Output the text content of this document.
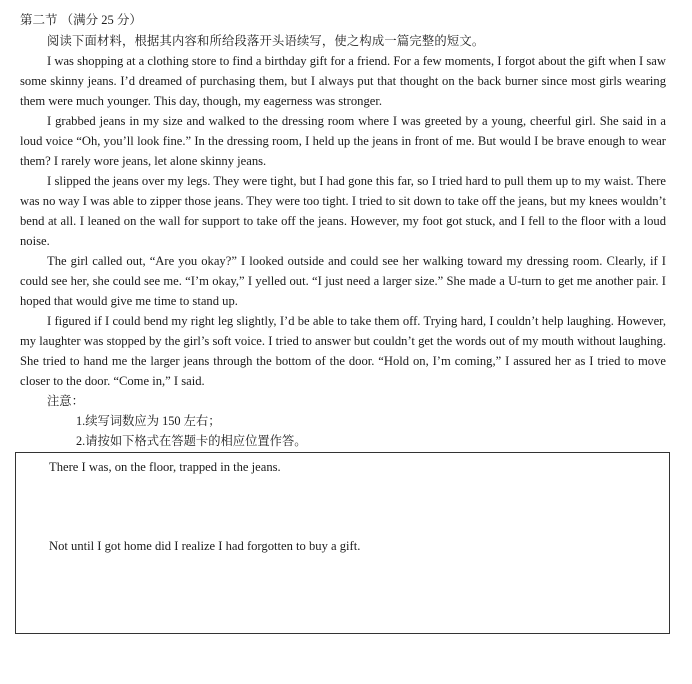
第二节 （满分 25 分）

阅读下面材料，根据其内容和所给段落开头语续写，使之构成一篇完整的短文。

I was shopping at a clothing store to find a birthday gift for a friend. For a few moments, I forgot about the gift when I saw some skinny jeans. I’d dreamed of purchasing them, but I always put that thought on the back burner since most girls wearing them were much younger. This day, though, my eagerness was stronger.

I grabbed jeans in my size and walked to the dressing room where I was greeted by a young, cheerful girl. She said in a loud voice “Oh, you’ll look fine.” In the dressing room, I held up the jeans in front of me. But would I be brave enough to wear them? I rarely wore jeans, let alone skinny jeans.

I slipped the jeans over my legs. They were tight, but I had gone this far, so I tried hard to pull them up to my waist. There was no way I was able to zipper those jeans. They were too tight. I tried to sit down to take off the jeans, but my knees wouldn’t bend at all. I leaned on the wall for support to take off the jeans. However, my foot got stuck, and I fell to the floor with a loud noise.

The girl called out, “Are you okay?” I looked outside and could see her walking toward my dressing room. Clearly, if I could see her, she could see me. “I’m okay,” I yelled out. “I just need a larger size.” She made a U-turn to get me another pair. I hoped that would give me time to stand up.

I figured if I could bend my right leg slightly, I’d be able to take them off. Trying hard, I couldn’t help laughing. However, my laughter was stopped by the girl’s soft voice. I tried to answer but couldn’t get the words out of my mouth without laughing. She tried to hand me the larger jeans through the bottom of the door. “Hold on, I’m coming,” I assured her as I tried to move closer to the door. “Come in,” I said.

注意：

1.续写词数应为 150 左右；

2.请按如下格式在答题卡的相应位置作答。

There I was, on the floor, trapped in the jeans.
Not until I got home did I realize I had forgotten to buy a gift.
